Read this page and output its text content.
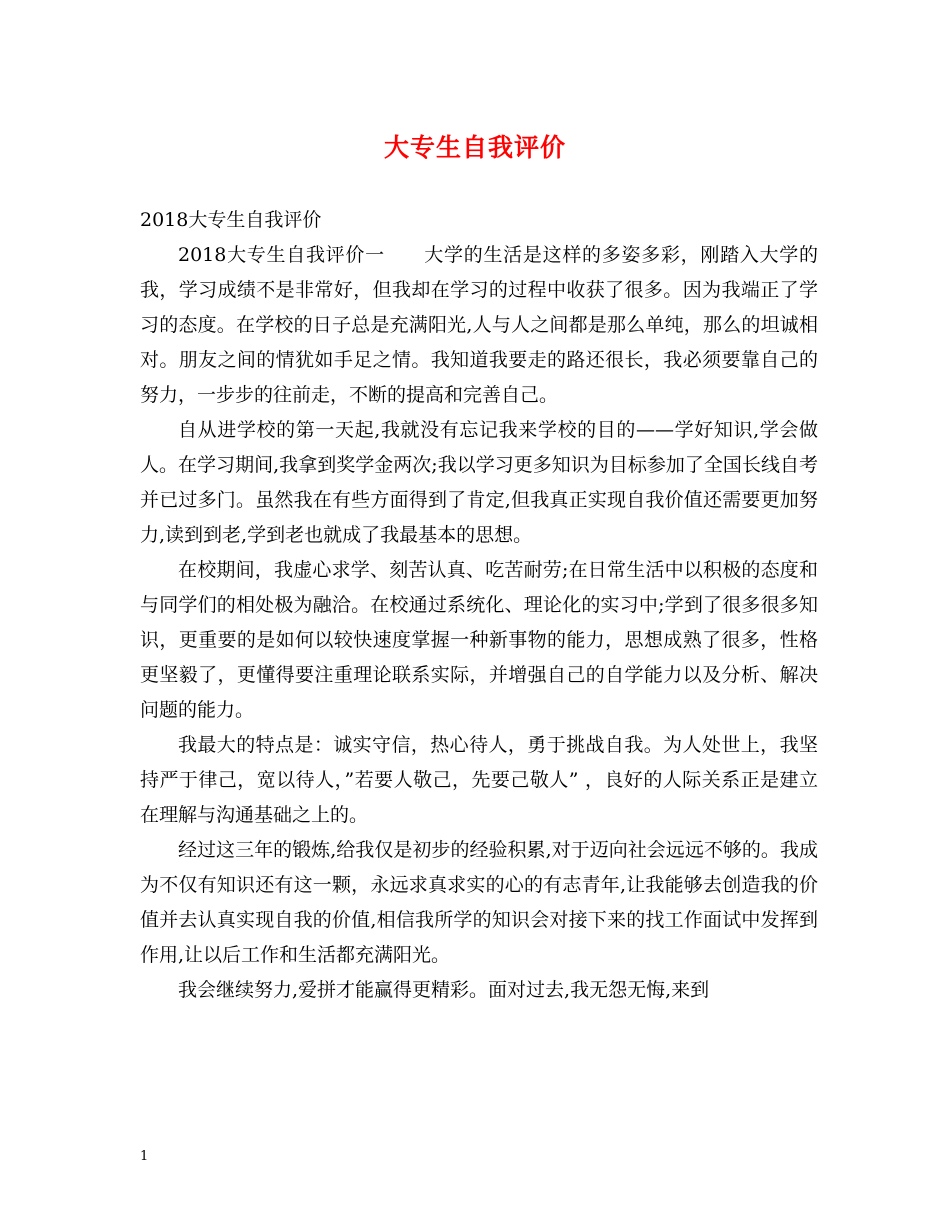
大专生自我评价
2018大专生自我评价

2018大专生自我评价一　　大学的生活是这样的多姿多彩，刚踏入大学的我，学习成绩不是非常好，但我却在学习的过程中收获了很多。因为我端正了学习的态度。在学校的日子总是充满阳光,人与人之间都是那么单纯，那么的坦诚相对。朋友之间的情犹如手足之情。我知道我要走的路还很长，我必须要靠自己的努力，一步步的往前走，不断的提高和完善自己。

自从进学校的第一天起,我就没有忘记我来学校的目的——学好知识,学会做人。在学习期间,我拿到奖学金两次;我以学习更多知识为目标参加了全国长线自考并已过多门。虽然我在有些方面得到了肯定,但我真正实现自我价值还需要更加努力,读到到老,学到老也就成了我最基本的思想。

在校期间，我虚心求学、刻苦认真、吃苦耐劳;在日常生活中以积极的态度和与同学们的相处极为融洽。在校通过系统化、理论化的实习中;学到了很多很多知识，更重要的是如何以较快速度掌握一种新事物的能力，思想成熟了很多，性格更坚毅了，更懂得要注重理论联系实际，并增强自己的自学能力以及分析、解决问题的能力。

我最大的特点是：诚实守信，热心待人，勇于挑战自我。为人处世上，我坚持严于律己，宽以待人，”若要人敬己，先要己敬人” ，良好的人际关系正是建立在理解与沟通基础之上的。

经过这三年的锻炼,给我仅是初步的经验积累,对于迈向社会远远不够的。我成为不仅有知识还有这一颗，永远求真求实的心的有志青年,让我能够去创造我的价值并去认真实现自我的价值,相信我所学的知识会对接下来的找工作面试中发挥到作用,让以后工作和生活都充满阳光。

我会继续努力,爱拼才能赢得更精彩。面对过去,我无怨无悔,来到

1
